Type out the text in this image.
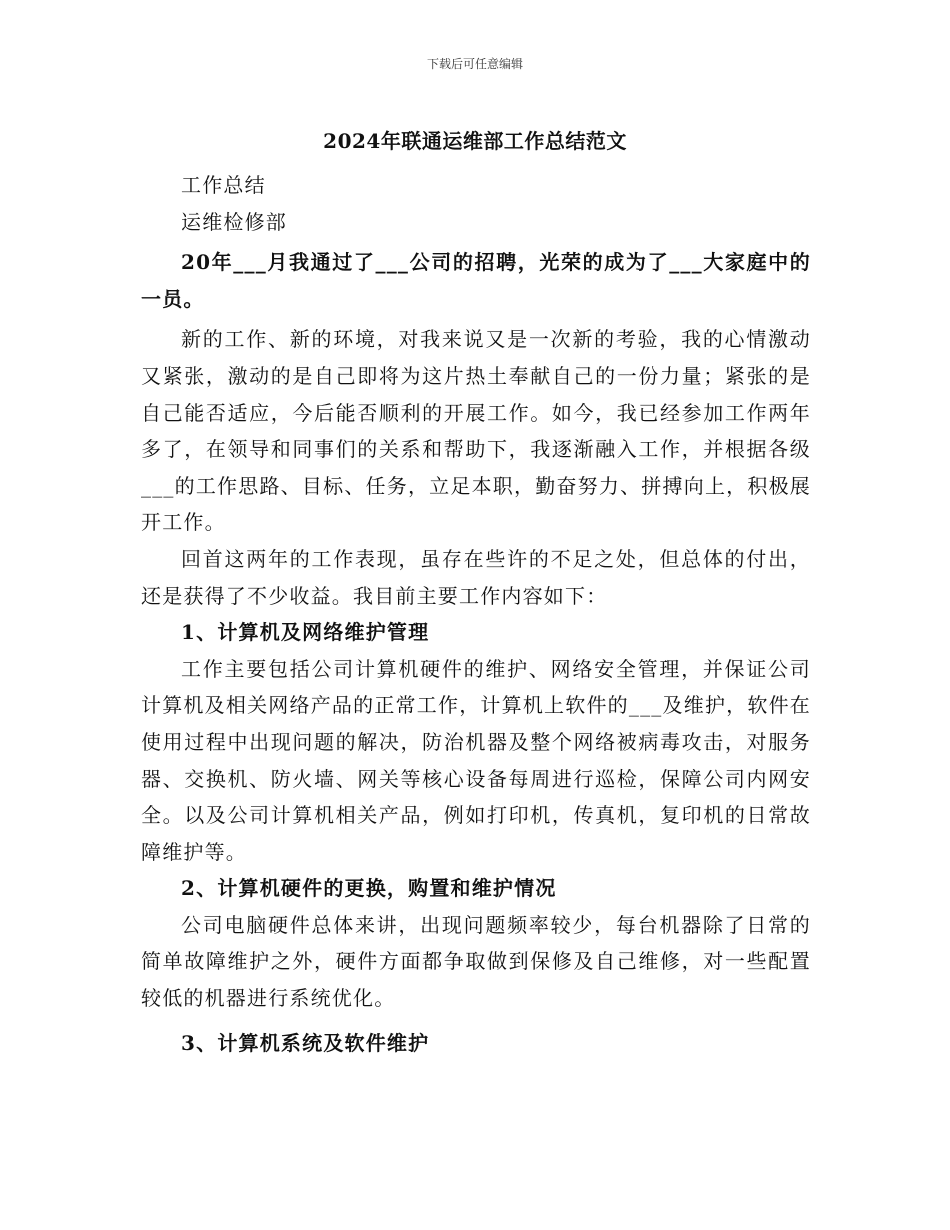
下载后可任意编辑
2024年联通运维部工作总结范文

工作总结

运维检修部

20年___月我通过了___公司的招聘，光荣的成为了___大家庭中的一员。

新的工作、新的环境，对我来说又是一次新的考验，我的心情激动又紧张，激动的是自己即将为这片热土奉献自己的一份力量；紧张的是自己能否适应，今后能否顺利的开展工作。如今，我已经参加工作两年多了，在领导和同事们的关系和帮助下，我逐渐融入工作，并根据各级___的工作思路、目标、任务，立足本职，勤奋努力、拼搏向上，积极展开工作。

回首这两年的工作表现，虽存在些许的不足之处，但总体的付出，还是获得了不少收益。我目前主要工作内容如下：

1、计算机及网络维护管理

工作主要包括公司计算机硬件的维护、网络安全管理，并保证公司计算机及相关网络产品的正常工作，计算机上软件的___及维护，软件在使用过程中出现问题的解决，防治机器及整个网络被病毒攻击，对服务器、交换机、防火墙、网关等核心设备每周进行巡检，保障公司内网安全。以及公司计算机相关产品，例如打印机，传真机，复印机的日常故障维护等。

2、计算机硬件的更换，购置和维护情况

公司电脑硬件总体来讲，出现问题频率较少，每台机器除了日常的简单故障维护之外，硬件方面都争取做到保修及自己维修，对一些配置较低的机器进行系统优化。

3、计算机系统及软件维护
